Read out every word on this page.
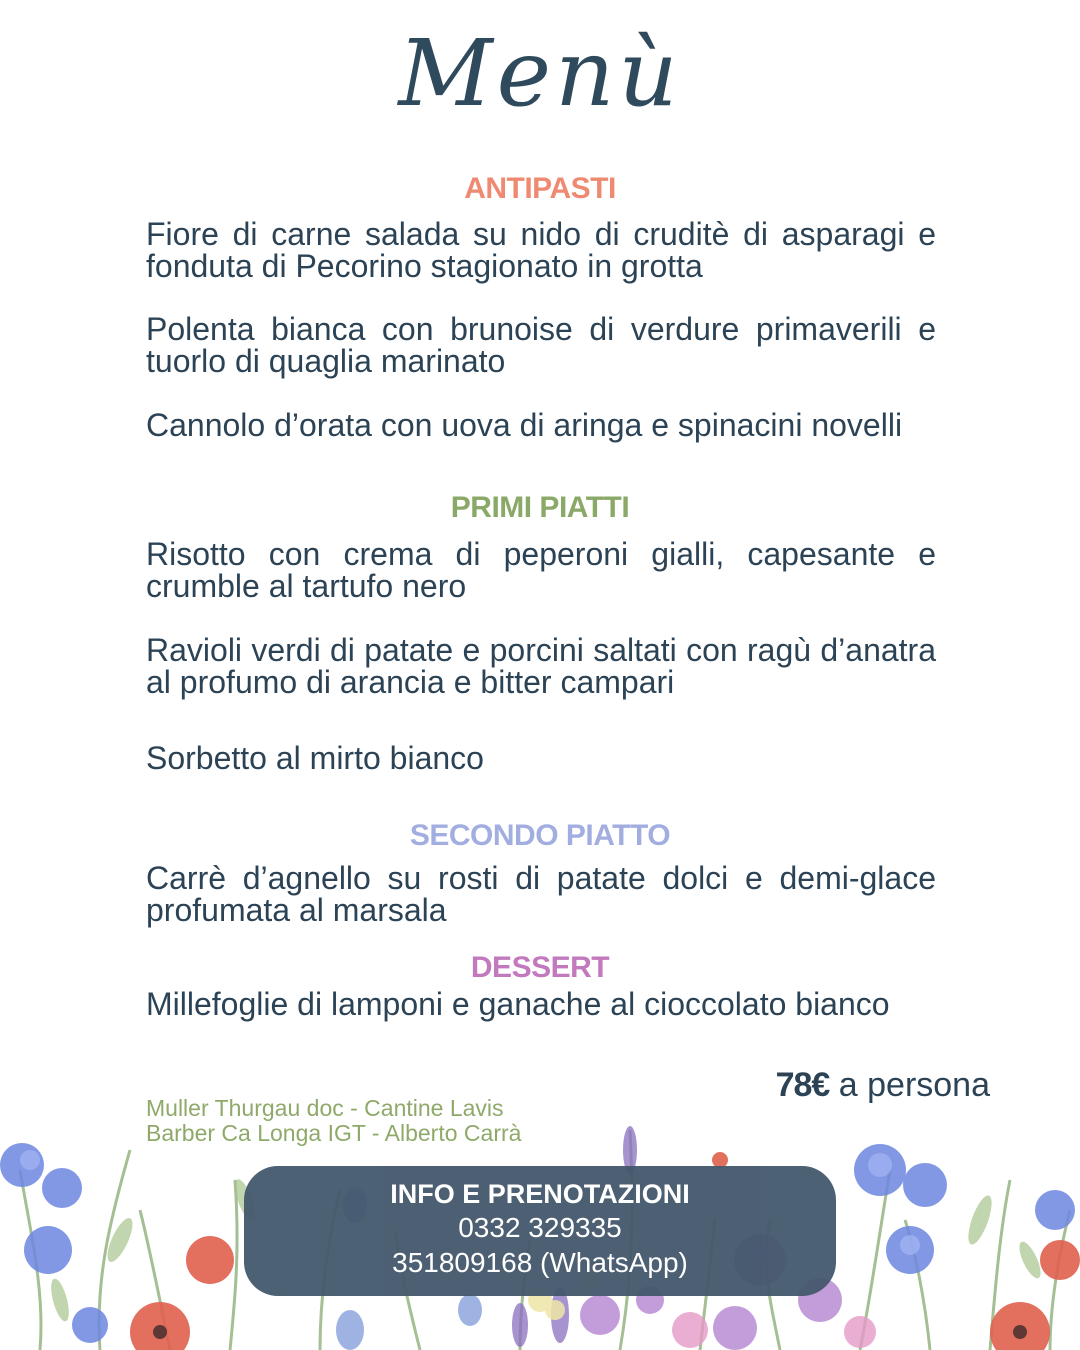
Menù
ANTIPASTI
Fiore di carne salada su nido di cruditè di asparagi e fonduta di Pecorino stagionato in grotta
Polenta bianca con brunoise di verdure primaverili e tuorlo di quaglia marinato
Cannolo d’orata con uova di aringa e spinacini novelli
PRIMI PIATTI
Risotto con crema di peperoni gialli, capesante e crumble al tartufo nero
Ravioli verdi di patate e porcini saltati con ragù d’anatra al profumo di arancia e bitter campari
Sorbetto al mirto bianco
SECONDO PIATTO
Carrè d’agnello su rosti di patate dolci e demi-glace profumata al marsala
DESSERT
Millefoglie di lamponi e ganache al cioccolato bianco
78€ a persona
Muller Thurgau doc - Cantine Lavis
Barber Ca Longa IGT - Alberto Carrà
INFO E PRENOTAZIONI
0332 329335
351809168 (WhatsApp)
